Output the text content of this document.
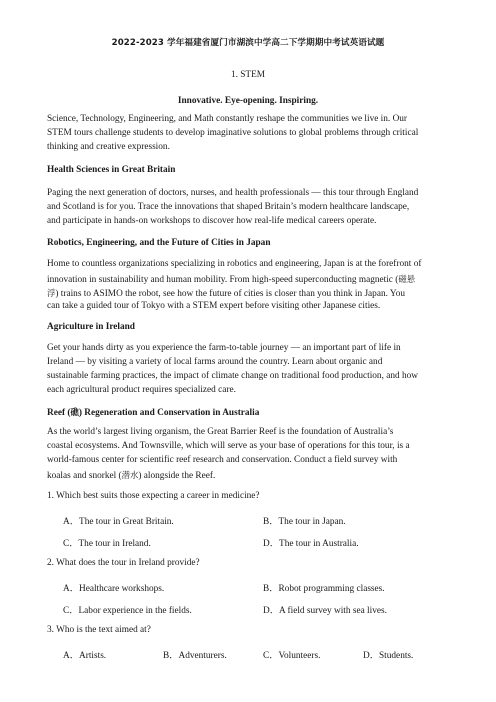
2022-2023 学年福建省厦门市湖滨中学高二下学期期中考试英语试题
1. STEM
Innovative. Eye-opening. Inspiring.
Science, Technology, Engineering, and Math constantly reshape the communities we live in. Our
STEM tours challenge students to develop imaginative solutions to global problems through critical
thinking and creative expression.
Health Sciences in Great Britain
Paging the next generation of doctors, nurses, and health professionals — this tour through England
and Scotland is for you. Trace the innovations that shaped Britain’s modern healthcare landscape,
and participate in hands-on workshops to discover how real-life medical careers operate.
Robotics, Engineering, and the Future of Cities in Japan
Home to countless organizations specializing in robotics and engineering, Japan is at the forefront of
innovation in sustainability and human mobility. From high-speed superconducting magnetic (磁悬
浮) trains to ASIMO the robot, see how the future of cities is closer than you think in Japan. You
can take a guided tour of Tokyo with a STEM expert before visiting other Japanese cities.
Agriculture in Ireland
Get your hands dirty as you experience the farm-to-table journey — an important part of life in
Ireland — by visiting a variety of local farms around the country. Learn about organic and
sustainable farming practices, the impact of climate change on traditional food production, and how
each agricultural product requires specialized care.
Reef (礁) Regeneration and Conservation in Australia
As the world’s largest living organism, the Great Barrier Reef is the foundation of Australia’s
coastal ecosystems. And Townsville, which will serve as your base of operations for this tour, is a
world-famous center for scientific reef research and conservation. Conduct a field survey with
koalas and snorkel (潜水) alongside the Reef.
1. Which best suits those expecting a career in medicine?
A．The tour in Great Britain.	B．The tour in Japan.
C．The tour in Ireland.	D．The tour in Australia.
2. What does the tour in Ireland provide?
A．Healthcare workshops.	B．Robot programming classes.
C．Labor experience in the fields.	D．A field survey with sea lives.
3. Who is the text aimed at?
A．Artists.	B．Adventurers.	C．Volunteers.	D．Students.
